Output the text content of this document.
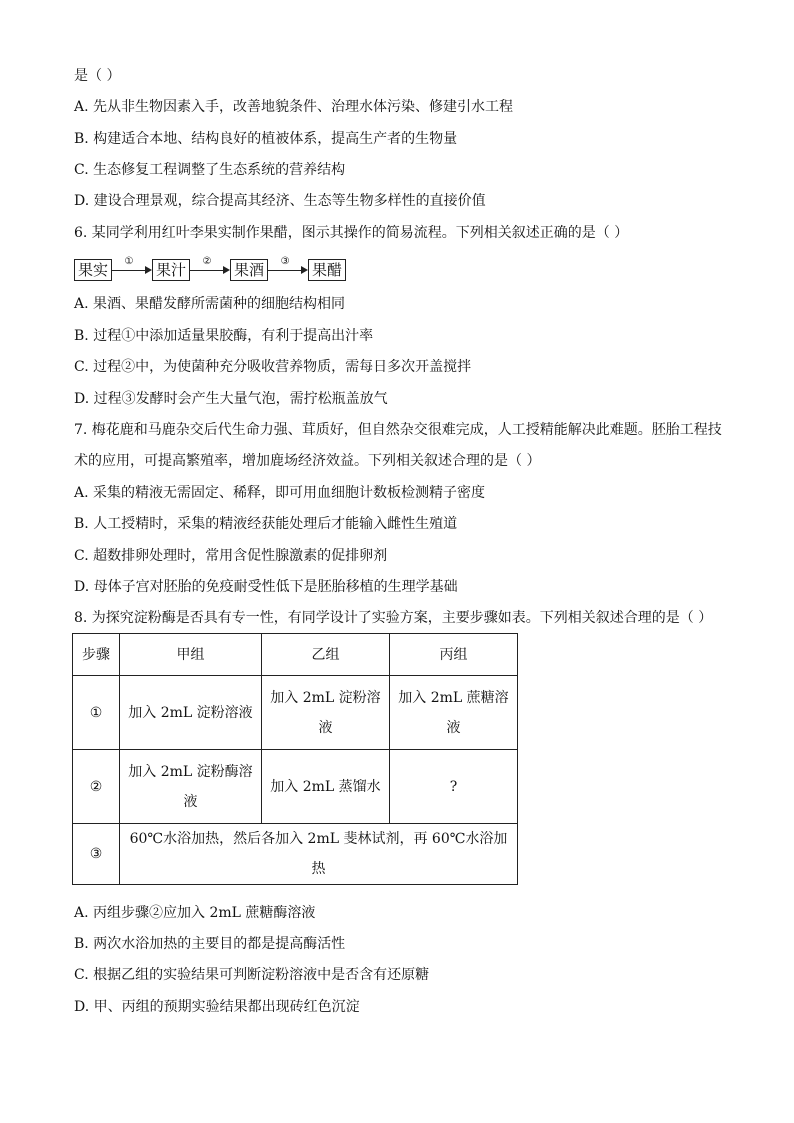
是（ ）
A. 先从非生物因素入手，改善地貌条件、治理水体污染、修建引水工程
B. 构建适合本地、结构良好的植被体系，提高生产者的生物量
C. 生态修复工程调整了生态系统的营养结构
D. 建设合理景观，综合提高其经济、生态等生物多样性的直接价值
6. 某同学利用红叶李果实制作果醋，图示其操作的简易流程。下列相关叙述正确的是（ ）
果实	① 果汁	② 果酒	③ 果醋
A. 果酒、果醋发酵所需菌种的细胞结构相同
B. 过程①中添加适量果胶酶，有利于提高出汁率
C. 过程②中，为使菌种充分吸收营养物质，需每日多次开盖搅拌
D. 过程③发酵时会产生大量气泡，需拧松瓶盖放气
7. 梅花鹿和马鹿杂交后代生命力强、茸质好，但自然杂交很难完成，人工授精能解决此难题。胚胎工程技
术的应用，可提高繁殖率，增加鹿场经济效益。下列相关叙述合理的是（ ）
A. 采集的精液无需固定、稀释，即可用血细胞计数板检测精子密度
B. 人工授精时，采集的精液经获能处理后才能输入雌性生殖道
C. 超数排卵处理时，常用含促性腺激素的促排卵剂
D. 母体子宫对胚胎的免疫耐受性低下是胚胎移植的生理学基础
8. 为探究淀粉酶是否具有专一性，有同学设计了实验方案，主要步骤如表。下列相关叙述合理的是（ ）
步骤	甲组	乙组	丙组
①	加入 2mL 淀粉溶液	加入 2mL 淀粉溶液	加入 2mL 蔗糖溶液
②	加入 2mL 淀粉酶溶液	加入 2mL 蒸馏水	?
③	60℃水浴加热，然后各加入 2mL 斐林试剂，再 60℃水浴加热		
A. 丙组步骤②应加入 2mL 蔗糖酶溶液
B. 两次水浴加热的主要目的都是提高酶活性
C. 根据乙组的实验结果可判断淀粉溶液中是否含有还原糖
D. 甲、丙组的预期实验结果都出现砖红色沉淀
